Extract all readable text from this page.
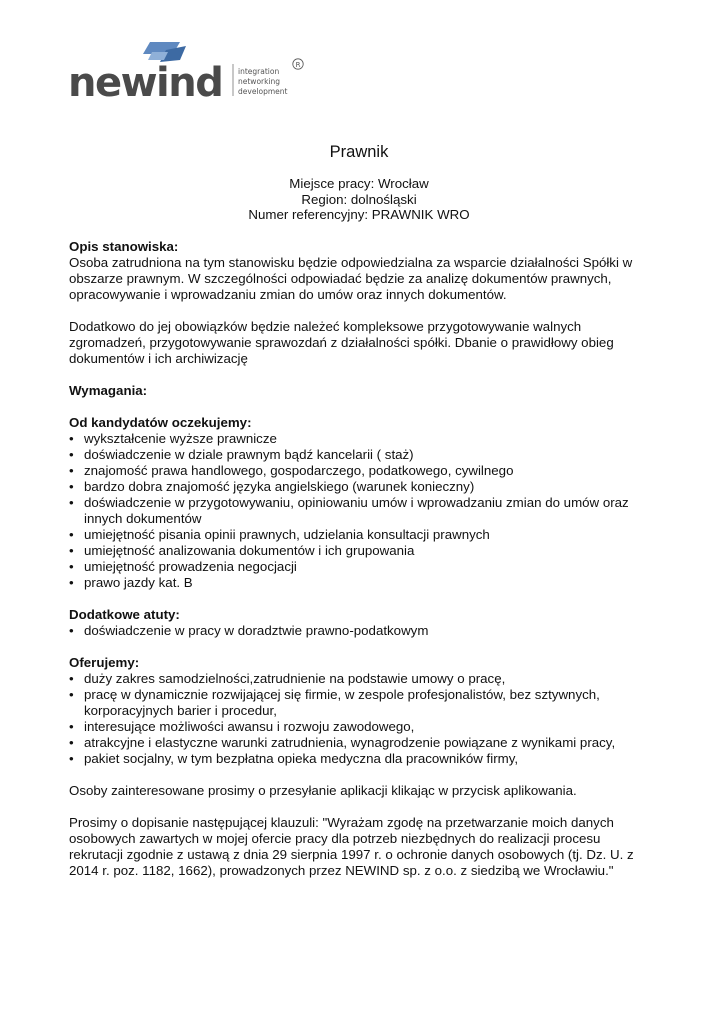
newind integration
networking
development
R
Prawnik
Miejsce pracy: Wrocław
Region: dolnośląski
Numer referencyjny: PRAWNIK WRO

Opis stanowiska:

Osoba zatrudniona na tym stanowisku będzie odpowiedzialna za wsparcie działalności Spółki w obszarze prawnym. W szczególności odpowiadać będzie za analizę dokumentów prawnych, opracowywanie i wprowadzaniu zmian do umów oraz innych dokumentów.

Dodatkowo do jej obowiązków będzie należeć kompleksowe przygotowywanie walnych zgromadzeń, przygotowywanie sprawozdań z działalności spółki. Dbanie o prawidłowy obieg dokumentów i ich archiwizację

Wymagania:

Od kandydatów oczekujemy:

• wykształcenie wyższe prawnicze
• doświadczenie w dziale prawnym bądź kancelarii ( staż)
• znajomość prawa handlowego, gospodarczego, podatkowego, cywilnego
• bardzo dobra znajomość języka angielskiego (warunek konieczny)
• doświadczenie w przygotowywaniu, opiniowaniu umów i wprowadzaniu zmian do umów oraz innych dokumentów
• umiejętność pisania opinii prawnych, udzielania konsultacji prawnych
• umiejętność analizowania dokumentów i ich grupowania
• umiejętność prowadzenia negocjacji
• prawo jazdy kat. B

Dodatkowe atuty:

• doświadczenie w pracy w doradztwie prawno-podatkowym

Oferujemy:

• duży zakres samodzielności,zatrudnienie na podstawie umowy o pracę,
• pracę w dynamicznie rozwijającej się firmie, w zespole profesjonalistów, bez sztywnych, korporacyjnych barier i procedur,
• interesujące możliwości awansu i rozwoju zawodowego,
• atrakcyjne i elastyczne warunki zatrudnienia, wynagrodzenie powiązane z wynikami pracy,
• pakiet socjalny, w tym bezpłatna opieka medyczna dla pracowników firmy,

Osoby zainteresowane prosimy o przesyłanie aplikacji klikając w przycisk aplikowania.

Prosimy o dopisanie następującej klauzuli: "Wyrażam zgodę na przetwarzanie moich danych osobowych zawartych w mojej ofercie pracy dla potrzeb niezbędnych do realizacji procesu rekrutacji zgodnie z ustawą z dnia 29 sierpnia 1997 r. o ochronie danych osobowych (tj. Dz. U. z 2014 r. poz. 1182, 1662), prowadzonych przez NEWIND sp. z o.o. z siedzibą we Wrocławiu."
